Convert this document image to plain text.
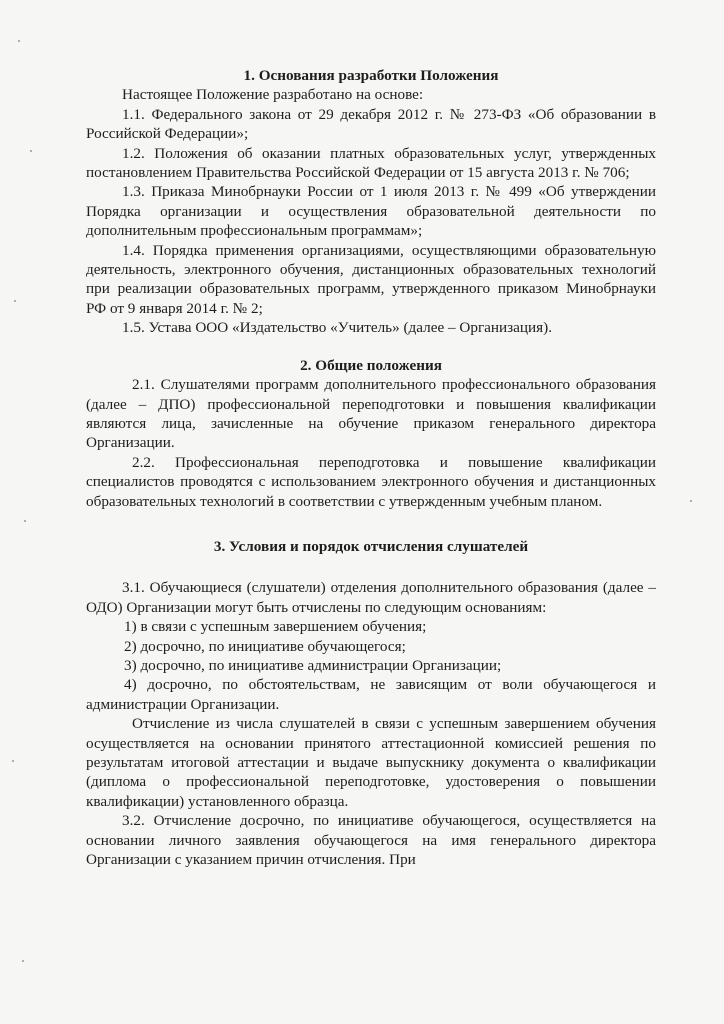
1. Основания разработки Положения

Настоящее Положение разработано на основе:

1.1. Федерального закона от 29 декабря 2012 г. № 273-ФЗ «Об образовании в Российской Федерации»;

1.2. Положения об оказании платных образовательных услуг, утвержденных постановлением Правительства Российской Федерации от 15 августа 2013 г. № 706;

1.3. Приказа Минобрнауки России от 1 июля 2013 г. № 499 «Об утверждении Порядка организации и осуществления образовательной деятельности по дополнительным профессиональным программам»;

1.4. Порядка применения организациями, осуществляющими образовательную деятельность, электронного обучения, дистанционных образовательных технологий при реализации образовательных программ, утвержденного приказом Минобрнауки РФ от 9 января 2014 г. № 2;

1.5. Устава ООО «Издательство «Учитель» (далее – Организация).

2. Общие положения

2.1. Слушателями программ дополнительного профессионального образования (далее – ДПО) профессиональной переподготовки и повышения квалификации являются лица, зачисленные на обучение приказом генерального директора Организации.

2.2. Профессиональная переподготовка и повышение квалификации специалистов проводятся с использованием электронного обучения и дистанционных образовательных технологий в соответствии с утвержденным учебным планом.

3. Условия и порядок отчисления слушателей

3.1. Обучающиеся (слушатели) отделения дополнительного образования (далее – ОДО) Организации могут быть отчислены по следующим основаниям:

1) в связи с успешным завершением обучения;

2) досрочно, по инициативе обучающегося;

3) досрочно, по инициативе администрации Организации;

4) досрочно, по обстоятельствам, не зависящим от воли обучающегося и администрации Организации.

Отчисление из числа слушателей в связи с успешным завершением обучения осуществляется на основании принятого аттестационной комиссией решения по результатам итоговой аттестации и выдаче выпускнику документа о квалификации (диплома о профессиональной переподготовке, удостоверения о повышении квалификации) установленного образца.

3.2. Отчисление досрочно, по инициативе обучающегося, осуществляется на основании личного заявления обучающегося на имя генерального директора Организации с указанием причин отчисления. При
